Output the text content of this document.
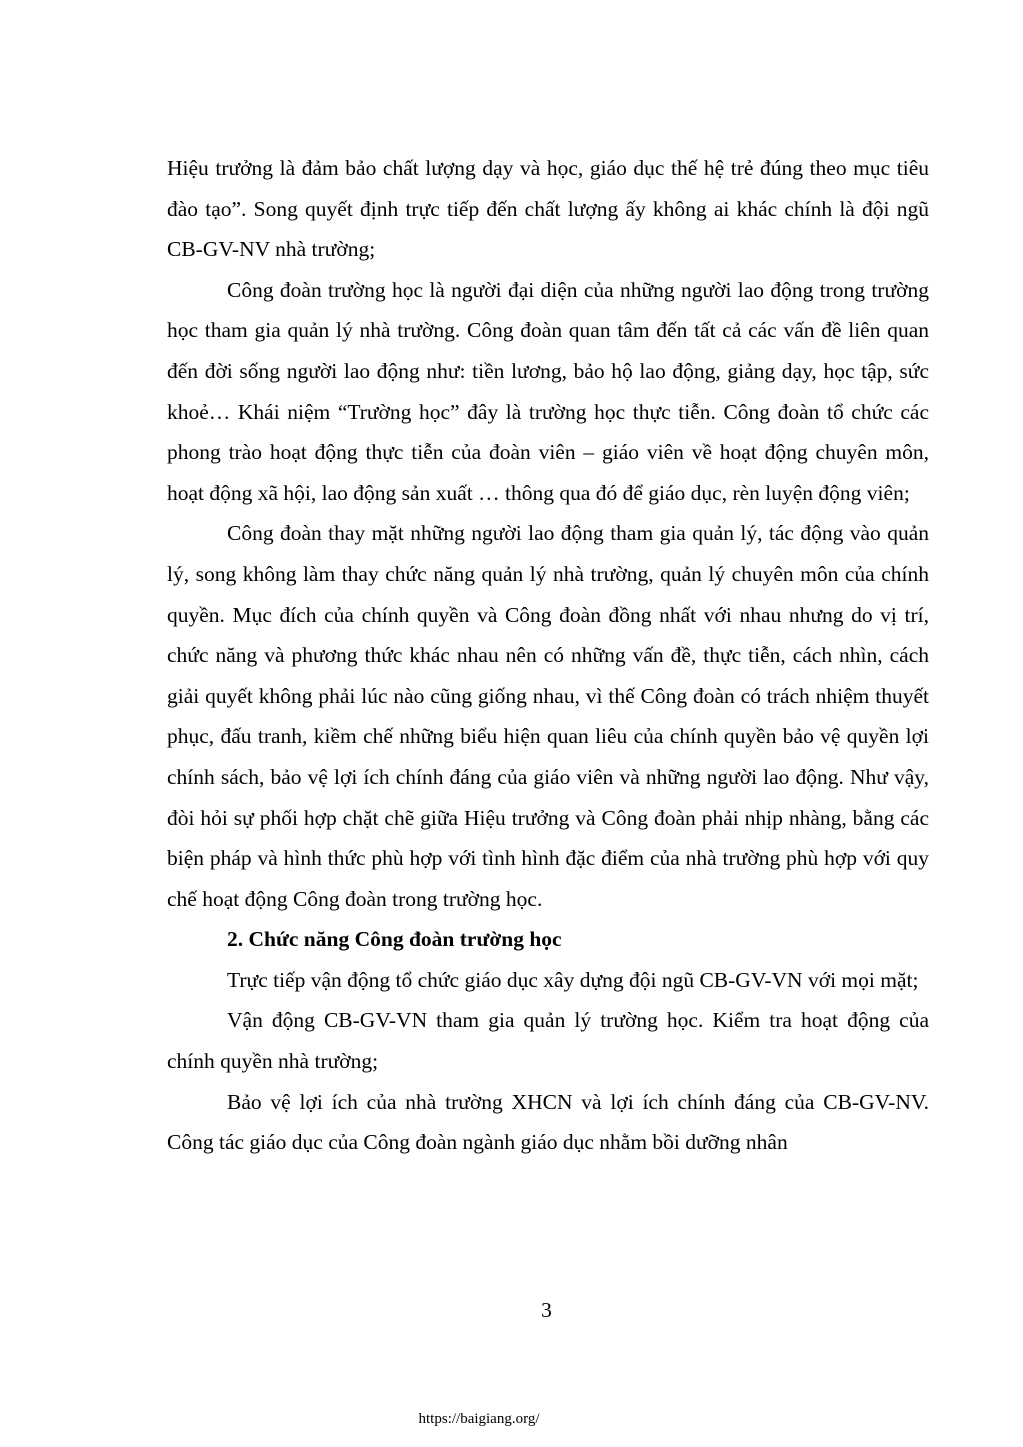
Hiệu trưởng là đảm bảo chất lượng dạy và học, giáo dục thế hệ trẻ đúng theo mục tiêu đào tạo”. Song quyết định trực tiếp đến chất lượng ấy không ai khác chính là đội ngũ CB-GV-NV nhà trường;

Công đoàn trường học là người đại diện của những người lao động trong trường học tham gia quản lý nhà trường. Công đoàn quan tâm đến tất cả các vấn đề liên quan đến đời sống người lao động như: tiền lương, bảo hộ lao động, giảng dạy, học tập, sức khoẻ… Khái niệm “Trường học” đây là trường học thực tiễn. Công đoàn tổ chức các phong trào hoạt động thực tiễn của đoàn viên – giáo viên về hoạt động chuyên môn, hoạt động xã hội, lao động sản xuất … thông qua đó để giáo dục, rèn luyện động viên;

Công đoàn thay mặt những người lao động tham gia quản lý, tác động vào quản lý, song không làm thay chức năng quản lý nhà trường, quản lý chuyên môn của chính quyền. Mục đích của chính quyền và Công đoàn đồng nhất với nhau nhưng do vị trí, chức năng và phương thức khác nhau nên có những vấn đề, thực tiễn, cách nhìn, cách giải quyết không phải lúc nào cũng giống nhau, vì thế Công đoàn có trách nhiệm thuyết phục, đấu tranh, kiềm chế những biểu hiện quan liêu của chính quyền bảo vệ quyền lợi chính sách, bảo vệ lợi ích chính đáng của giáo viên và những người lao động. Như vậy, đòi hỏi sự phối hợp chặt chẽ giữa Hiệu trưởng và Công đoàn phải nhịp nhàng, bằng các biện pháp và hình thức phù hợp với tình hình đặc điểm của nhà trường phù hợp với quy chế hoạt động Công đoàn trong trường học.

2. Chức năng Công đoàn trường học

Trực tiếp vận động tổ chức giáo dục xây dựng đội ngũ CB-GV-VN với mọi mặt;

Vận động CB-GV-VN tham gia quản lý trường học. Kiểm tra hoạt động của chính quyền nhà trường;

Bảo vệ lợi ích của nhà trường XHCN và lợi ích chính đáng của CB-GV-NV. Công tác giáo dục của Công đoàn ngành giáo dục nhằm bồi dưỡng nhân

3
https://baigiang.org/
